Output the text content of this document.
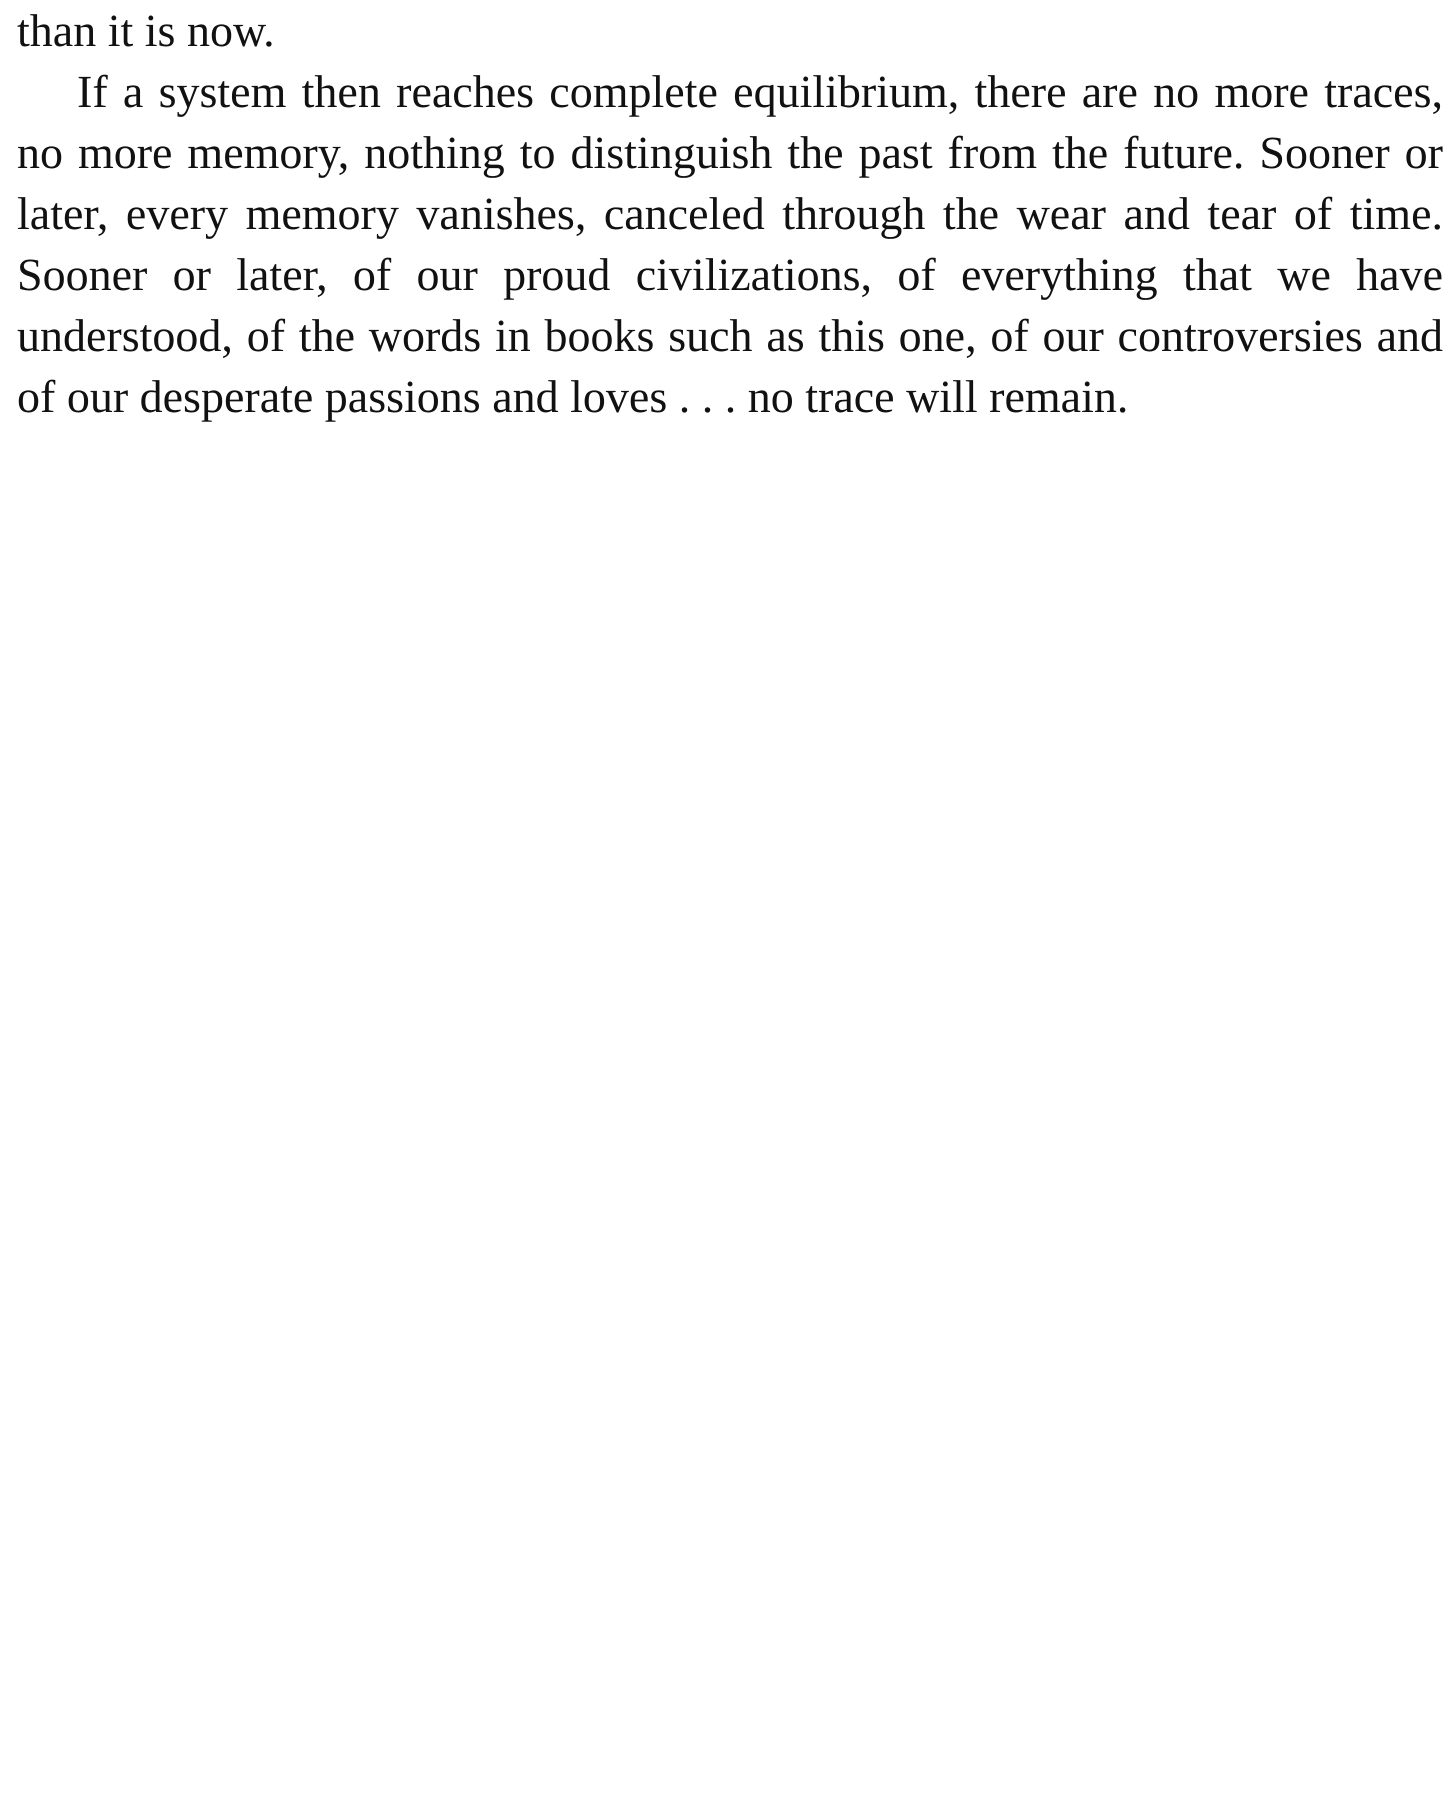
than it is now.

If a system then reaches complete equilibrium, there are no more traces, no more memory, nothing to distinguish the past from the future. Sooner or later, every memory vanishes, canceled through the wear and tear of time. Sooner or later, of our proud civilizations, of everything that we have understood, of the words in books such as this one, of our controversies and of our desperate passions and loves . . . no trace will remain.
